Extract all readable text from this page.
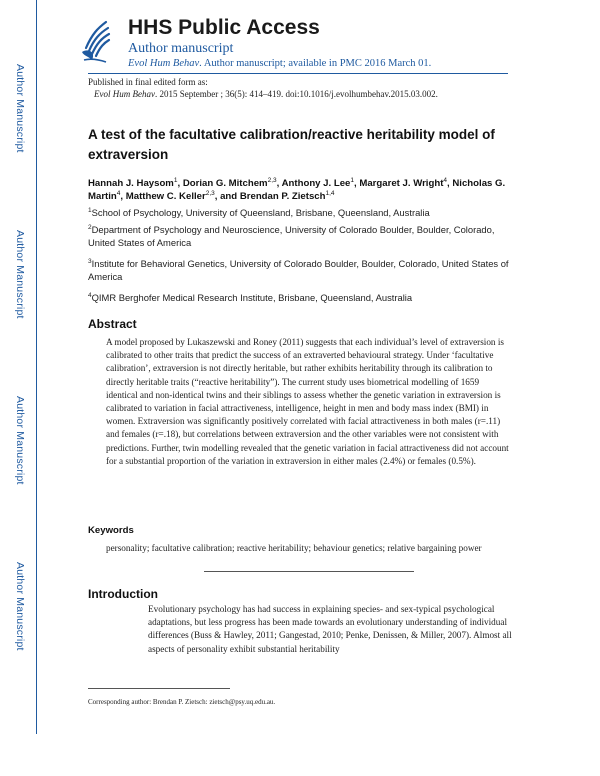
Author Manuscript
Author Manuscript
Author Manuscript
Author Manuscript
HHS Public Access
Author manuscript
Evol Hum Behav. Author manuscript; available in PMC 2016 March 01.
Published in final edited form as:
Evol Hum Behav. 2015 September ; 36(5): 414–419. doi:10.1016/j.evolhumbehav.2015.03.002.
A test of the facultative calibration/reactive heritability model of extraversion
Hannah J. Haysom$^1$, Dorian G. Mitchem$^{2,3}$, Anthony J. Lee$^1$, Margaret J. Wright$^4$, Nicholas G. Martin$^4$, Matthew C. Keller$^{2,3}$, and Brendan P. Zietsch$^{1,4}$
$^1$School of Psychology, University of Queensland, Brisbane, Queensland, Australia
$^2$Department of Psychology and Neuroscience, University of Colorado Boulder, Boulder, Colorado, United States of America
$^3$Institute for Behavioral Genetics, University of Colorado Boulder, Boulder, Colorado, United States of America
$^4$QIMR Berghofer Medical Research Institute, Brisbane, Queensland, Australia
Abstract
A model proposed by Lukaszewski and Roney (2011) suggests that each individual’s level of extraversion is calibrated to other traits that predict the success of an extraverted behavioural strategy. Under ‘facultative calibration’, extraversion is not directly heritable, but rather exhibits heritability through its calibration to directly heritable traits (“reactive heritability”). The current study uses biometrical modelling of 1659 identical and non-identical twins and their siblings to assess whether the genetic variation in extraversion is calibrated to variation in facial attractiveness, intelligence, height in men and body mass index (BMI) in women. Extraversion was significantly positively correlated with facial attractiveness in both males (r=.11) and females (r=.18), but correlations between extraversion and the other variables were not consistent with predictions. Further, twin modelling revealed that the genetic variation in facial attractiveness did not account for a substantial proportion of the variation in extraversion in either males (2.4%) or females (0.5%).
Keywords
personality; facultative calibration; reactive heritability; behaviour genetics; relative bargaining power
Introduction
Evolutionary psychology has had success in explaining species- and sex-typical psychological adaptations, but less progress has been made towards an evolutionary understanding of individual differences (Buss & Hawley, 2011; Gangestad, 2010; Penke, Denissen, & Miller, 2007). Almost all aspects of personality exhibit substantial heritability
Corresponding author: Brendan P. Zietsch: zietsch@psy.uq.edu.au.
